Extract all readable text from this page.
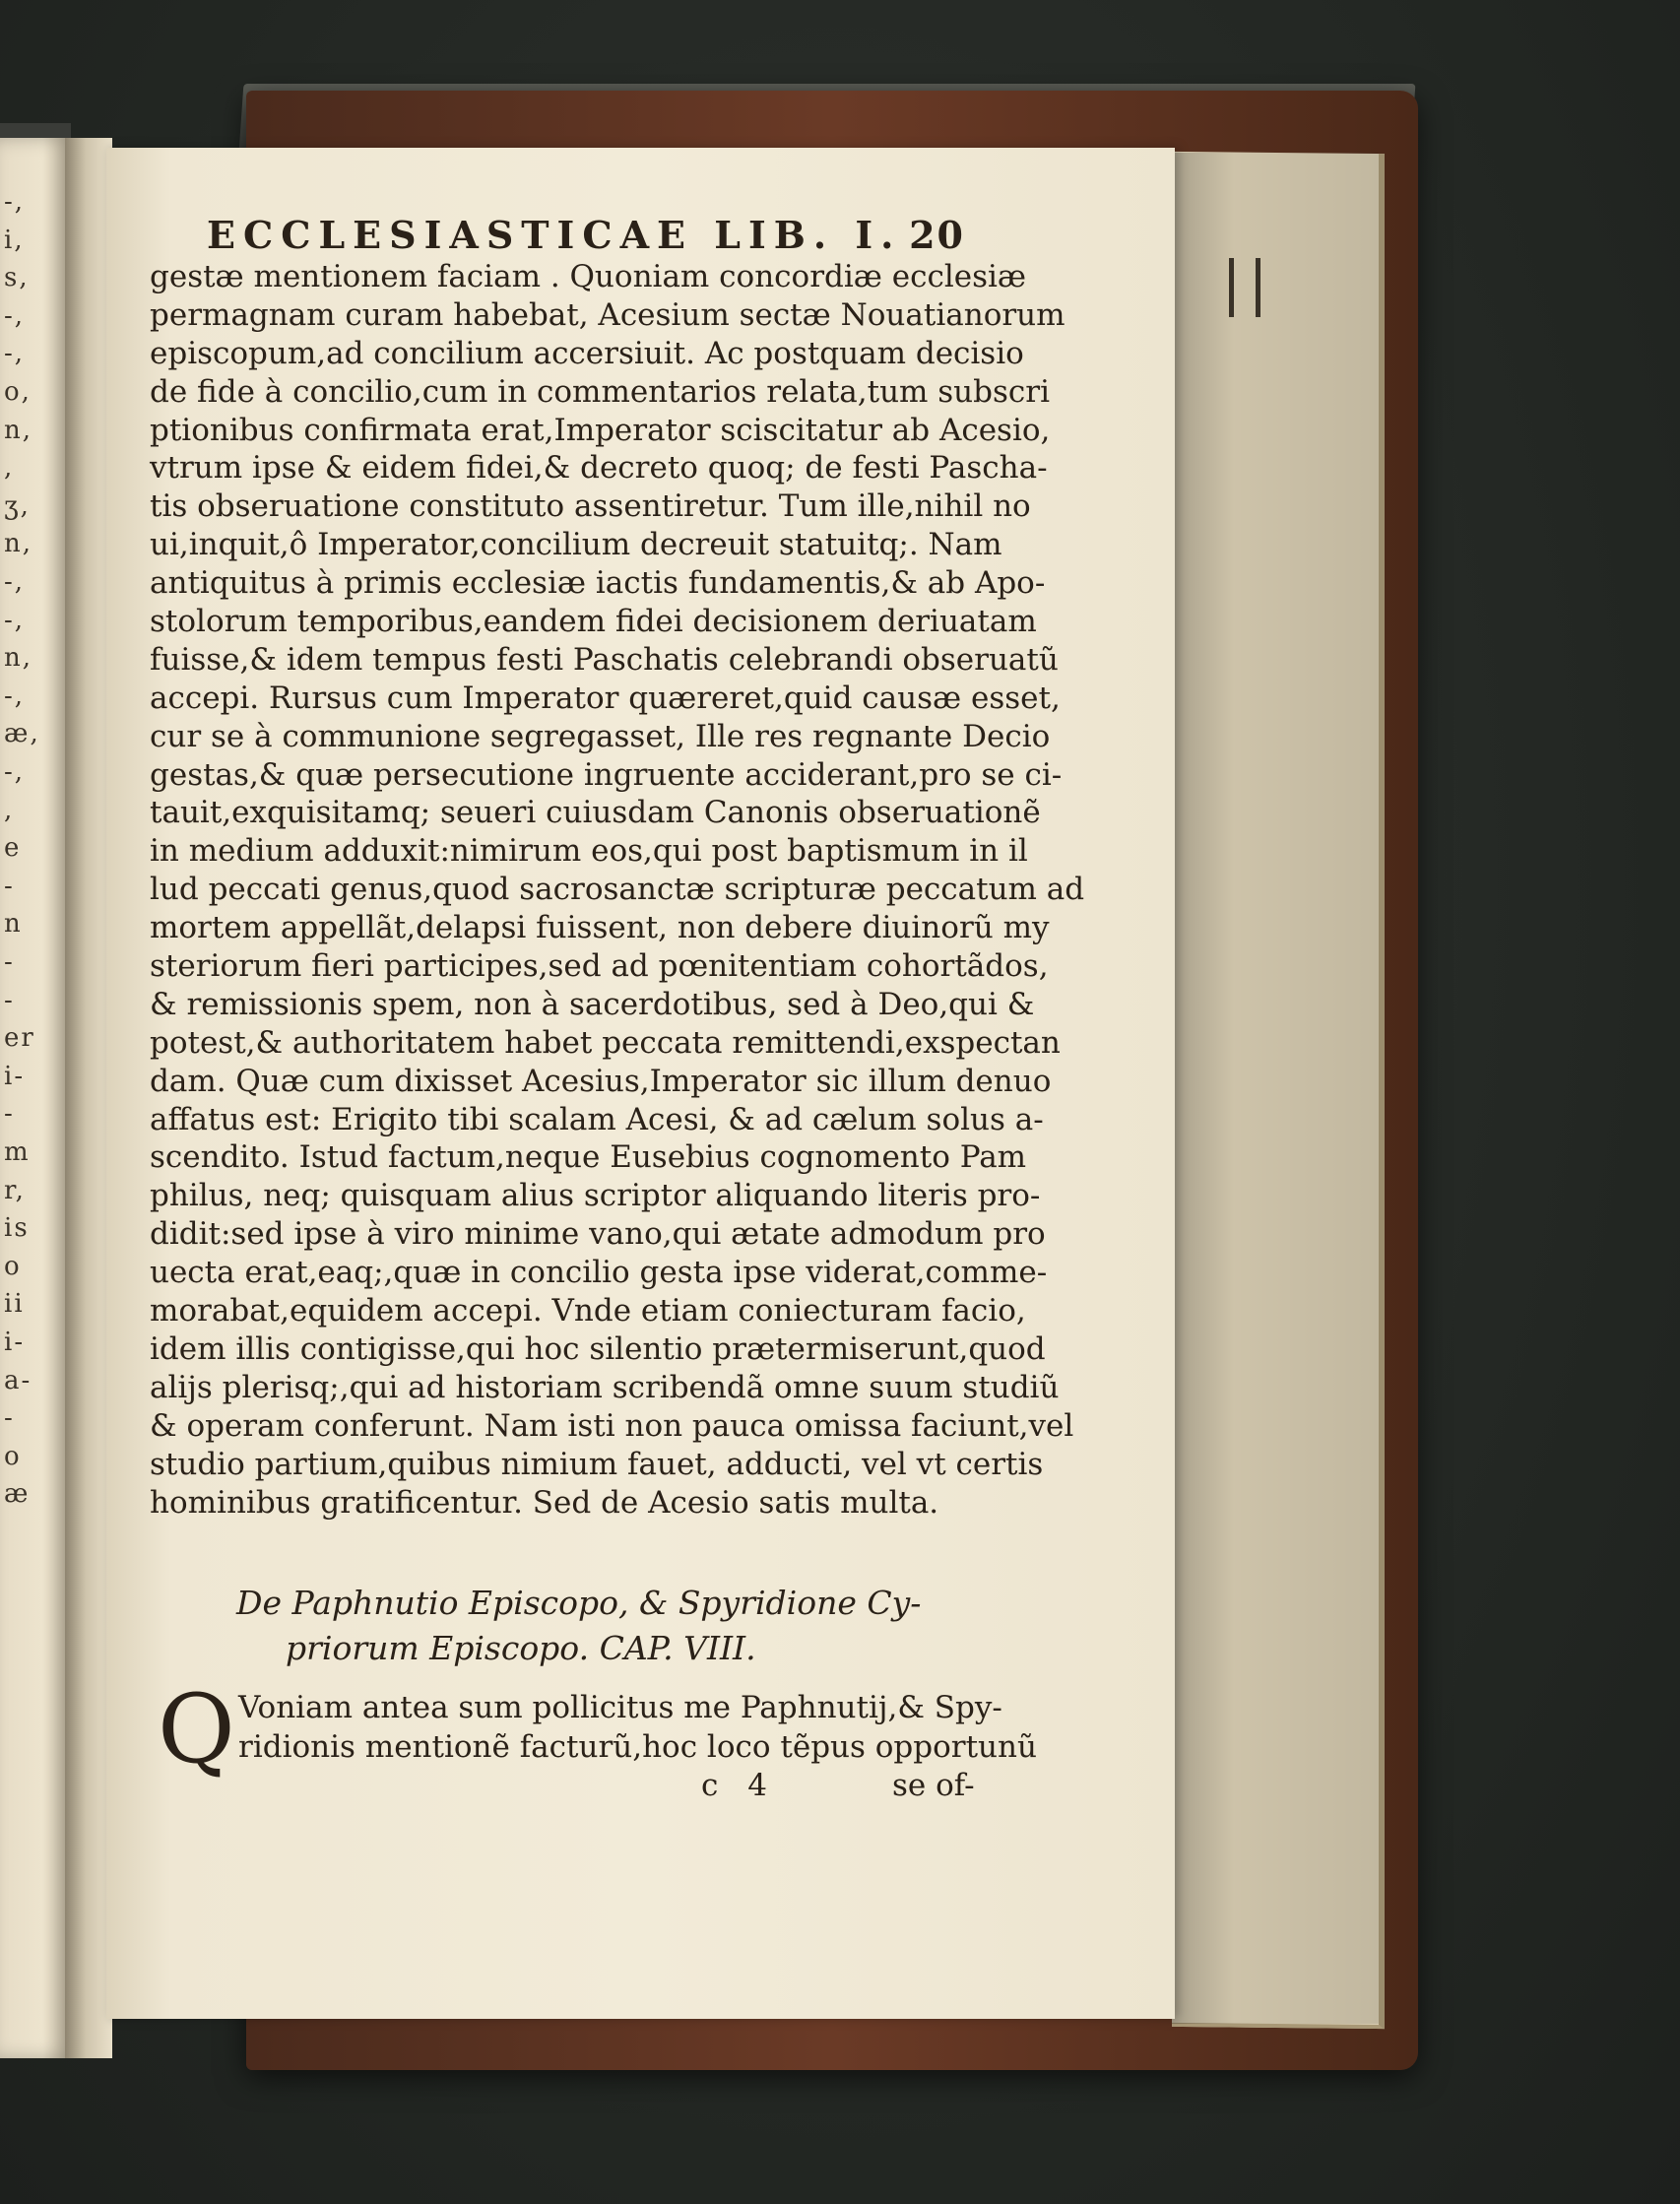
-,
i,
s,
-,
-,
o,
n,
,
ʒ,
n,
-,
-,
n,
-,
æ,
-,
,
e
-
n
-
-
er
i-
-
m
r,
is
o
ii
i-
a-
-
o
æ
ECCLESIASTICAE LIB. I. 20
gestæ mentionem faciam . Quoniam concordiæ ecclesiæ
permagnam curam habebat, Acesium sectæ Nouatianorum
episcopum,ad concilium accersiuit. Ac postquam decisio
de fide à concilio,cum in commentarios relata,tum subscri
ptionibus confirmata erat,Imperator sciscitatur ab Acesio,
vtrum ipse & eidem fidei,& decreto quoq; de festi Pascha-
tis obseruatione constituto assentiretur. Tum ille,nihil no
ui,inquit,ô Imperator,concilium decreuit statuitq;. Nam
antiquitus à primis ecclesiæ iactis fundamentis,& ab Apo-
stolorum temporibus,eandem fidei decisionem deriuatam
fuisse,& idem tempus festi Paschatis celebrandi obseruatũ
accepi. Rursus cum Imperator quæreret,quid causæ esset,
cur se à communione segregasset, Ille res regnante Decio
gestas,& quæ persecutione ingruente acciderant,pro se ci-
tauit,exquisitamq; seueri cuiusdam Canonis obseruationẽ
in medium adduxit:nimirum eos,qui post baptismum in il
lud peccati genus,quod sacrosanctæ scripturæ peccatum ad
mortem appellãt,delapsi fuissent, non debere diuinorũ my
steriorum fieri participes,sed ad pœnitentiam cohortãdos,
& remissionis spem, non à sacerdotibus, sed à Deo,qui &
potest,& authoritatem habet peccata remittendi,exspectan
dam. Quæ cum dixisset Acesius,Imperator sic illum denuo
affatus est: Erigito tibi scalam Acesi, & ad cælum solus a-
scendito. Istud factum,neque Eusebius cognomento Pam
philus, neq; quisquam alius scriptor aliquando literis pro-
didit:sed ipse à viro minime vano,qui ætate admodum pro
uecta erat,eaq;,quæ in concilio gesta ipse viderat,comme-
morabat,equidem accepi. Vnde etiam coniecturam facio,
idem illis contigisse,qui hoc silentio prætermiserunt,quod
alijs plerisq;,qui ad historiam scribendã omne suum studiũ
& operam conferunt. Nam isti non pauca omissa faciunt,vel
studio partium,quibus nimium fauet, adducti, vel vt certis
hominibus gratificentur. Sed de Acesio satis multa.
De Paphnutio Episcopo, & Spyridione Cy-
priorum Episcopo. CAP. VIII.
Q Voniam antea sum pollicitus me Paphnutij,& Spy-
ridionis mentionẽ facturũ,hoc loco tẽpus opportunũ
c 4	se of-
